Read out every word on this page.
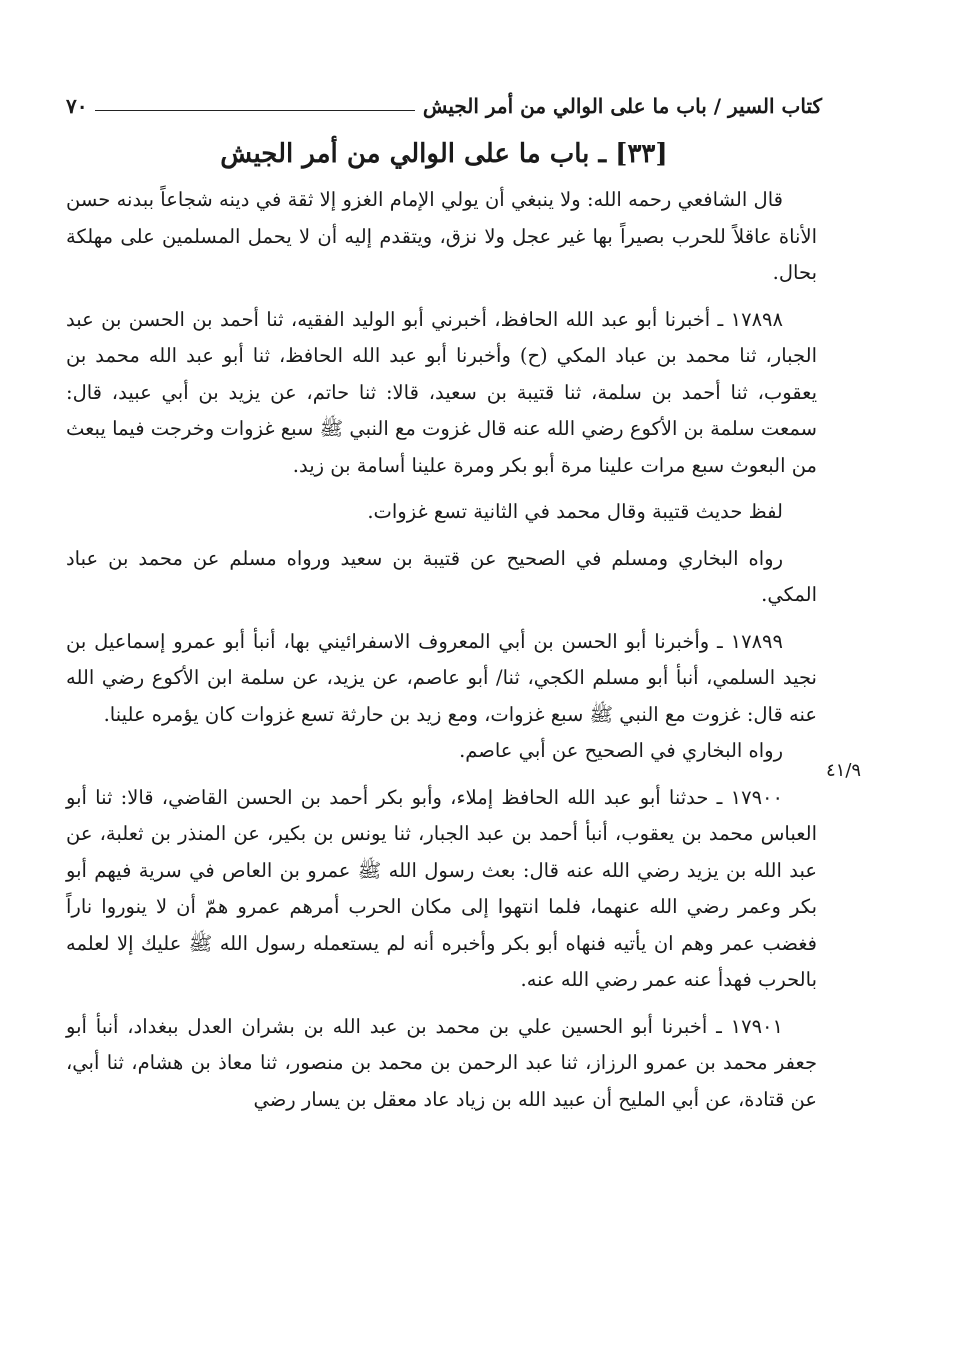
كتاب السير / باب ما على الوالي من أمر الجيش
٧٠
[٣٣] ـ باب ما على الوالي من أمر الجيش
٤١/٩

قال الشافعي رحمه الله: ولا ينبغي أن يولي الإمام الغزو إلا ثقة في دينه شجاعاً ببدنه حسن الأناة عاقلاً للحرب بصيراً بها غير عجل ولا نزق، ويتقدم إليه أن لا يحمل المسلمين على مهلكة بحال.

١٧٨٩٨ ـ أخبرنا أبو عبد الله الحافظ، أخبرني أبو الوليد الفقيه، ثنا أحمد بن الحسن بن عبد الجبار، ثنا محمد بن عباد المكي (ح) وأخبرنا أبو عبد الله الحافظ، ثنا أبو عبد الله محمد بن يعقوب، ثنا أحمد بن سلمة، ثنا قتيبة بن سعيد، قالا: ثنا حاتم، عن يزيد بن أبي عبيد، قال: سمعت سلمة بن الأكوع رضي الله عنه قال غزوت مع النبي ﷺ سبع غزوات وخرجت فيما يبعث من البعوث سبع مرات علينا مرة أبو بكر ومرة علينا أسامة بن زيد.

لفظ حديث قتيبة وقال محمد في الثانية تسع غزوات.

رواه البخاري ومسلم في الصحيح عن قتيبة بن سعيد ورواه مسلم عن محمد بن عباد المكي.

١٧٨٩٩ ـ وأخبرنا أبو الحسن بن أبي المعروف الاسفرائيني بها، أنبأ أبو عمرو إسماعيل بن نجيد السلمي، أنبأ أبو مسلم الكجي، ثنا/ أبو عاصم، عن يزيد، عن سلمة ابن الأكوع رضي الله عنه قال: غزوت مع النبي ﷺ سبع غزوات، ومع زيد بن حارثة تسع غزوات كان يؤمره علينا.

رواه البخاري في الصحيح عن أبي عاصم.

١٧٩٠٠ ـ حدثنا أبو عبد الله الحافظ إملاء، وأبو بكر أحمد بن الحسن القاضي، قالا: ثنا أبو العباس محمد بن يعقوب، أنبأ أحمد بن عبد الجبار، ثنا يونس بن بكير، عن المنذر بن ثعلبة، عن عبد الله بن يزيد رضي الله عنه قال: بعث رسول الله ﷺ عمرو بن العاص في سرية فيهم أبو بكر وعمر رضي الله عنهما، فلما انتهوا إلى مكان الحرب أمرهم عمرو همّ أن لا ينوروا ناراً فغضب عمر وهم ان يأتيه فنهاه أبو بكر وأخبره أنه لم يستعمله رسول الله ﷺ عليك إلا لعلمه بالحرب فهدأ عنه عمر رضي الله عنه.

١٧٩٠١ ـ أخبرنا أبو الحسين علي بن محمد بن عبد الله بن بشران العدل ببغداد، أنبأ أبو جعفر محمد بن عمرو الرزاز، ثنا عبد الرحمن بن محمد بن منصور، ثنا معاذ بن هشام، ثنا أبي، عن قتادة، عن أبي المليح أن عبيد الله بن زياد عاد معقل بن يسار رضي
